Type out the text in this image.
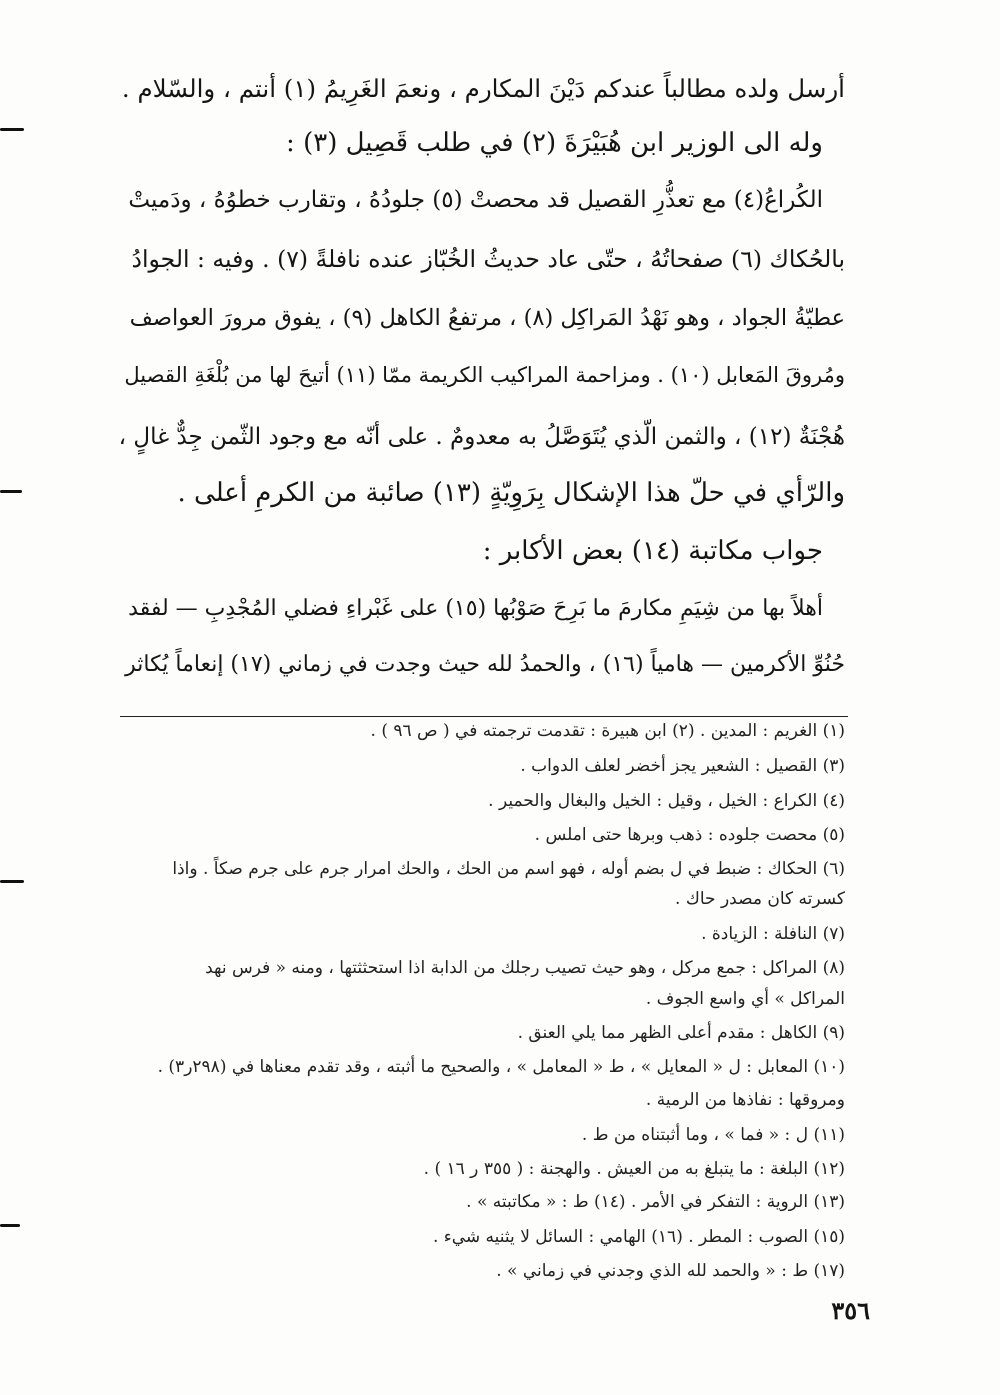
أرسل ولده مطالباً عندكم دَيْنَ المكارم ، ونعمَ الغَرِيمُ (١) أنتم ، والسّلام .
وله الى الوزير ابن هُبَيْرَةَ (٢) في طلب قَصِيل (٣) :
الكُراعُ(٤) مع تعذُّرِ القصيل قد محصتْ (٥) جلودُهُ ، وتقارب خطوُهُ ، ودَميتْ
بالحُكاك (٦) صفحاتُهُ ، حتّى عاد حديثُ الخُبّاز عنده نافلةً (٧) . وفيه : الجوادُ
عطيّةُ الجواد ، وهو نَهْدُ المَراكِل (٨) ، مرتفعُ الكاهل (٩) ، يفوق مرورَ العواصف
ومُروقَ المَعابل (١٠) . ومزاحمة المراكيب الكريمة ممّا (١١) أتيحَ لها من بُلْغَةِ القصيل
هُجْنَةٌ (١٢) ، والثمن الّذي يُتَوَصَّلُ به معدومٌ . على أنّه مع وجود الثّمن جِدٌّ غالٍ ،
والرّأي في حلّ هذا الإشكال بِرَوِيّةٍ (١٣) صائبة من الكرمِ أعلى .
جواب مكاتبة (١٤) بعض الأكابر :
أهلاً بها من شِيَمِ مكارمَ ما بَرِحَ صَوْبُها (١٥) على غَبْراءِ فضلي المُجْدِبِ — لفقد
حُنُوِّ الأكرمين — هامياً (١٦) ، والحمدُ لله حيث وجدت في زماني (١٧) إنعاماً يُكاثر
(١) الغريم : المدين . (٢) ابن هبيرة : تقدمت ترجمته في ( ص ٩٦ ) .
(٣) القصيل : الشعير يجز أخضر لعلف الدواب .
(٤) الكراع : الخيل ، وقيل : الخيل والبغال والحمير .
(٥) محصت جلوده : ذهب وبرها حتى املس .
(٦) الحكاك : ضبط في ل بضم أوله ، فهو اسم من الحك ، والحك امرار جرم على جرم صكاً . واذا
كسرته كان مصدر حاك .
(٧) النافلة : الزيادة .
(٨) المراكل : جمع مركل ، وهو حيث تصيب رجلك من الدابة اذا استحثثتها ، ومنه « فرس نهد
المراكل » أي واسع الجوف .
(٩) الكاهل : مقدم أعلى الظهر مما يلي العنق .
(١٠) المعابل : ل « المعايل » ، ط « المعامل » ، والصحيح ما أثبته ، وقد تقدم معناها في (٢٩٨ر٣) .
ومروقها : نفاذها من الرمية .
(١١) ل : « فما » ، وما أثبتناه من ط .
(١٢) البلغة : ما يتبلغ به من العيش . والهجنة : ( ٣٥٥ ر ١٦ ) .
(١٣) الروية : التفكر في الأمر . (١٤) ط : « مكاتبته » .
(١٥) الصوب : المطر . (١٦) الهامي : السائل لا يثنيه شيء .
(١٧) ط : « والحمد لله الذي وجدني في زماني » .
٣٥٦
